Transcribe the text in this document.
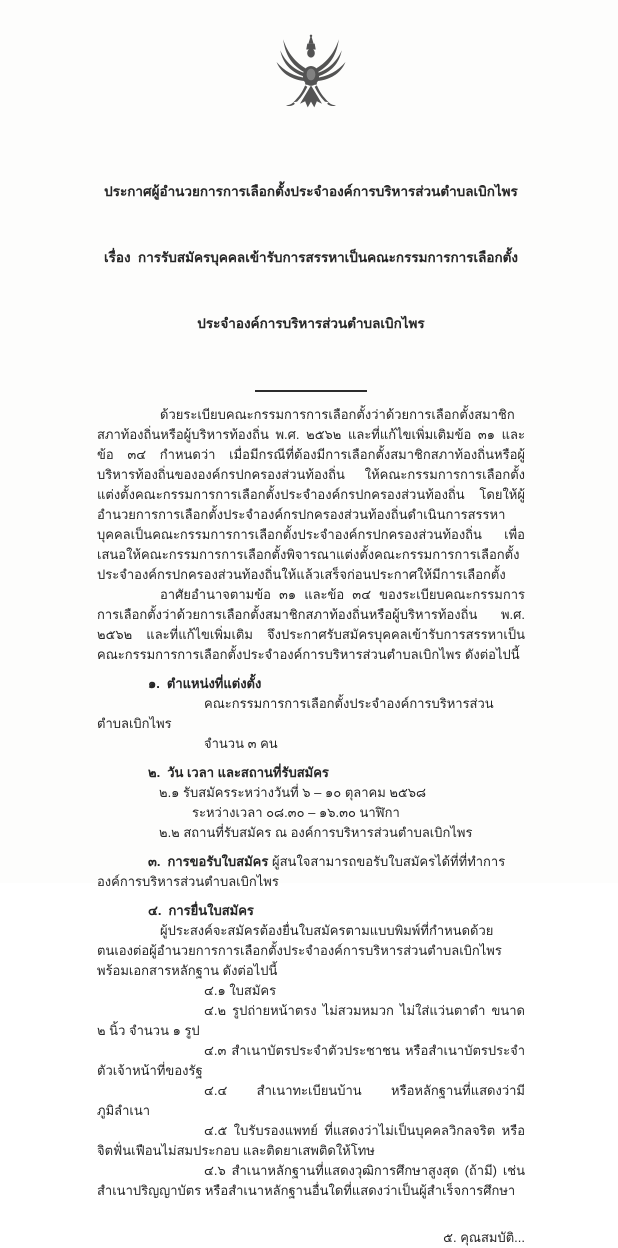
ประกาศผู้อำนวยการการเลือกตั้งประจำองค์การบริหารส่วนตำบลเบิกไพร

เรื่อง  การรับสมัครบุคคลเข้ารับการสรรหาเป็นคณะกรรมการการเลือกตั้ง

ประจำองค์การบริหารส่วนตำบลเบิกไพร

ด้วยระเบียบคณะกรรมการการเลือกตั้งว่าด้วยการเลือกตั้งสมาชิกสภาท้องถิ่นหรือผู้บริหารท้องถิ่น พ.ศ. ๒๕๖๒ และที่แก้ไขเพิ่มเติมข้อ ๓๑ และข้อ ๓๔ กำหนดว่า เมื่อมีกรณีที่ต้องมีการเลือกตั้งสมาชิกสภาท้องถิ่นหรือผู้บริหารท้องถิ่นขององค์กรปกครองส่วนท้องถิ่น ให้คณะกรรมการการเลือกตั้งแต่งตั้งคณะกรรมการการเลือกตั้งประจำองค์กรปกครองส่วนท้องถิ่น โดยให้ผู้อำนวยการการเลือกตั้งประจำองค์กรปกครองส่วนท้องถิ่นดำเนินการสรรหาบุคคลเป็นคณะกรรมการการเลือกตั้งประจำองค์กรปกครองส่วนท้องถิ่น เพื่อเสนอให้คณะกรรมการการเลือกตั้งพิจารณาแต่งตั้งคณะกรรมการการเลือกตั้งประจำองค์กรปกครองส่วนท้องถิ่นให้แล้วเสร็จก่อนประกาศให้มีการเลือกตั้ง

อาศัยอำนาจตามข้อ ๓๑ และข้อ ๓๔ ของระเบียบคณะกรรมการการเลือกตั้งว่าด้วยการเลือกตั้งสมาชิกสภาท้องถิ่นหรือผู้บริหารท้องถิ่น พ.ศ. ๒๕๖๒ และที่แก้ไขเพิ่มเติม จึงประกาศรับสมัครบุคคลเข้ารับการสรรหาเป็นคณะกรรมการการเลือกตั้งประจำองค์การบริหารส่วนตำบลเบิกไพร ดังต่อไปนี้

๑. ตำแหน่งที่แต่งตั้ง
คณะกรรมการการเลือกตั้งประจำองค์การบริหารส่วนตำบลเบิกไพร
จำนวน ๓ คน
๒. วัน เวลา และสถานที่รับสมัคร
๒.๑ รับสมัครระหว่างวันที่ ๖ – ๑๐ ตุลาคม ๒๕๖๘
ระหว่างเวลา ๐๘.๓๐ – ๑๖.๓๐ นาฬิกา
๒.๒ สถานที่รับสมัคร ณ องค์การบริหารส่วนตำบลเบิกไพร
๓. การขอรับใบสมัคร ผู้สนใจสามารถขอรับใบสมัครได้ที่ที่ทำการองค์การบริหารส่วนตำบลเบิกไพร
๔. การยื่นใบสมัคร
ผู้ประสงค์จะสมัครต้องยื่นใบสมัครตามแบบพิมพ์ที่กำหนดด้วยตนเองต่อผู้อำนวยการการเลือกตั้งประจำองค์การบริหารส่วนตำบลเบิกไพร พร้อมเอกสารหลักฐาน ดังต่อไปนี้
๔.๑ ใบสมัคร
๔.๒ รูปถ่ายหน้าตรง ไม่สวมหมวก ไม่ใส่แว่นตาดำ ขนาด ๒ นิ้ว จำนวน ๑ รูป
๔.๓ สำเนาบัตรประจำตัวประชาชน หรือสำเนาบัตรประจำตัวเจ้าหน้าที่ของรัฐ
๔.๔ สำเนาทะเบียนบ้าน หรือหลักฐานที่แสดงว่ามีภูมิลำเนา
๔.๕ ใบรับรองแพทย์ ที่แสดงว่าไม่เป็นบุคคลวิกลจริต หรือจิตฟั่นเฟือนไม่สมประกอบ และติดยาเสพติดให้โทษ
๔.๖ สำเนาหลักฐานที่แสดงวุฒิการศึกษาสูงสุด (ถ้ามี) เช่น สำเนาปริญญาบัตร หรือสำเนาหลักฐานอื่นใดที่แสดงว่าเป็นผู้สำเร็จการศึกษา
๕. คุณสมบัติ...
